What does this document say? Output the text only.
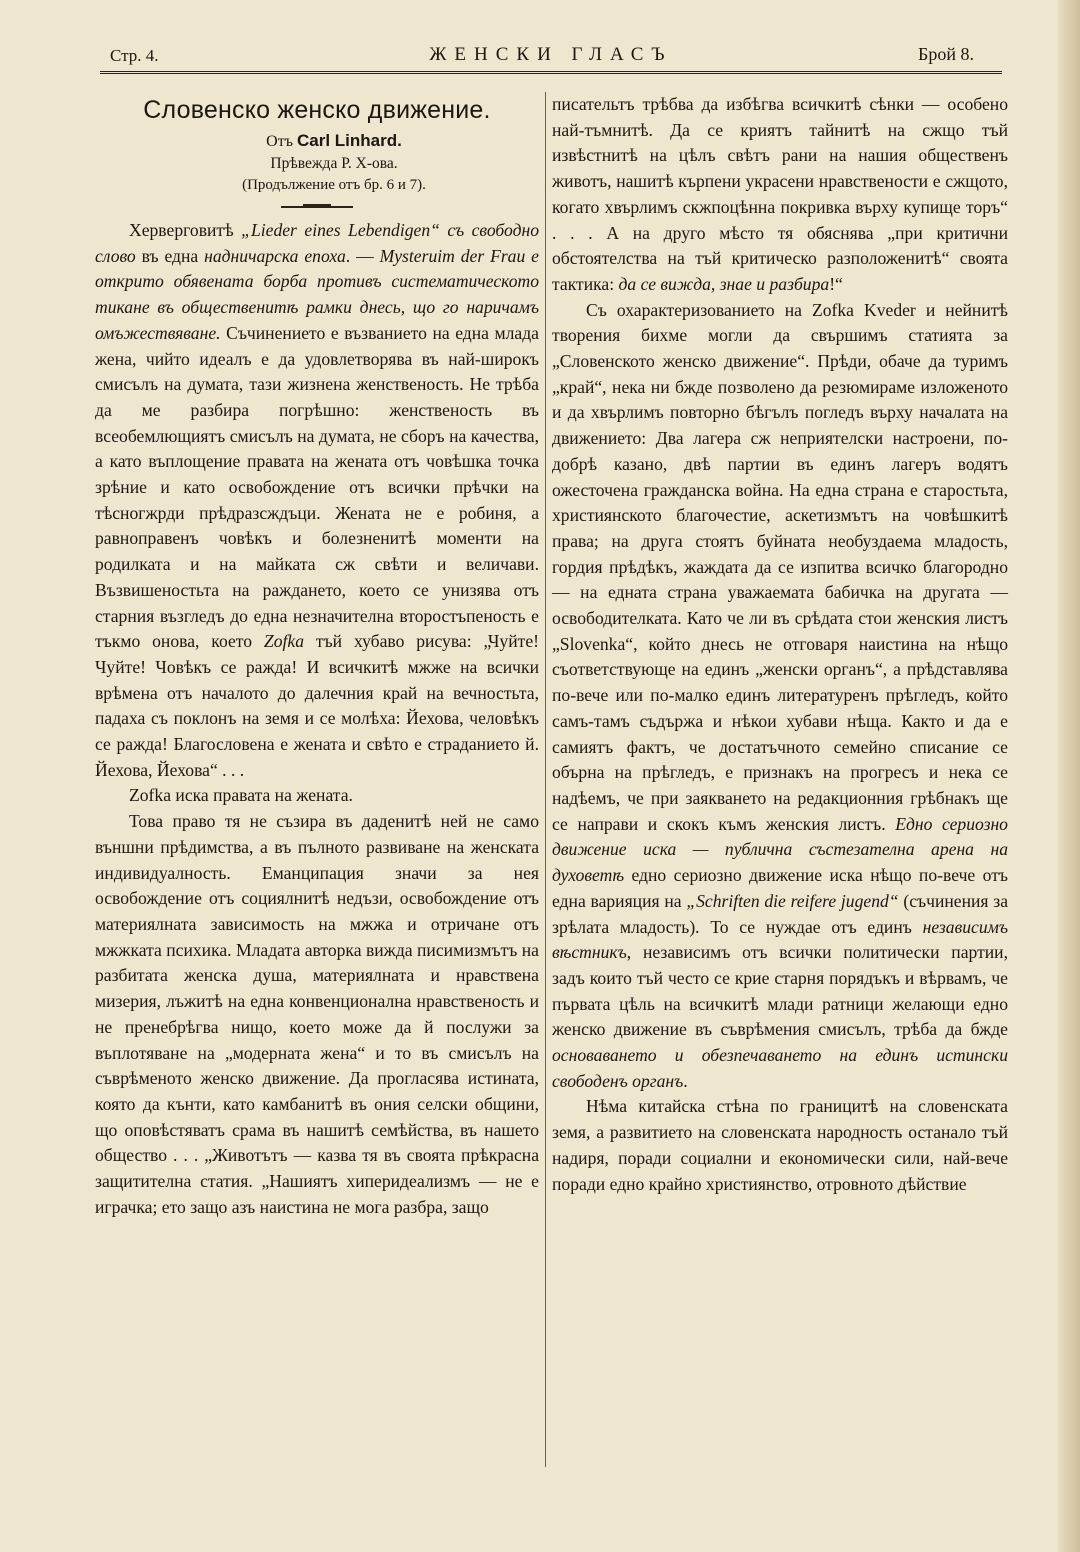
Стр. 4.	ЖЕНСКИ ГЛАСЪ	Брой 8.
Словенско женско движение.

Отъ Carl Linhard.

Прѣвежда Р. Х-ова.

(Продължение отъ бр. 6 и 7).

Херверговитѣ „Lieder eines Lebendigen“ съ свободно слово въ една надничарска епоха. — Mysteruim der Frau е открито обявената борба противъ систематическото тикане въ общественитѣ рамки днесь, що го наричамъ омъжествяване. Съчинението е възванието на една млада жена, чийто идеалъ е да удовлетворява въ най-широкъ смисълъ на думата, тази жизнена женственость. Не трѣба да ме разбира погрѣшно: женственость въ всеобемлющиятъ смисълъ на думата, не сборъ на качества, а като въплощение правата на жената отъ човѣшка точка зрѣние и като освобождение отъ всички прѣчки на тѣсногжрди прѣдразсждъци. Жената не е робиня, а равноправенъ човѣкъ и болезненитѣ моменти на родилката и на майката сж свѣти и величави. Възвишеностьта на раждането, което се унизява отъ старния възгледъ до една незначителна второстъпеность е тъкмо онова, което Zofka тъй хубаво рисува: „Чуйте! Чуйте! Човѣкъ се ражда! И всичкитѣ мжже на всички врѣмена отъ началото до далечния край на вечностьта, падаха съ поклонъ на земя и се молѣха: Йехова, человѣкъ се ражда! Благословена е жената и свѣто е страданието й. Йехова, Йехова“ . . .

Zofka иска правата на жената.

Това право тя не съзира въ даденитѣ ней не само външни прѣдимства, а въ пълното развиване на женската индивидуалность. Еманципация значи за нея освобождение отъ социялнитѣ недъзи, освобождение отъ материялната зависимость на мжжа и отричане отъ мжжката психика. Младата авторка вижда писимизмътъ на разбитата женска душа, материялната и нравствена мизерия, лъжитѣ на една конвенционална нравственость и не пренебрѣгва нищо, което може да й послужи за въплотяване на „модерната жена“ и то въ смисълъ на съврѣменото женско движение. Да прогласява истината, която да кънти, като камбанитѣ въ ония селски общини, що оповѣстяватъ срама въ нашитѣ семѣйства, въ нашето общество . . . „Животътъ — казва тя въ своята прѣкрасна защитителна статия. „Нашиятъ хиперидеализмъ — не е играчка; ето защо азъ наистина не мога разбра, защо

писательтъ трѣбва да избѣгва всичкитѣ сѣнки — особено най-тъмнитѣ. Да се криятъ тайнитѣ на сжщо тъй извѣстнитѣ на цѣлъ свѣтъ рани на нашия общественъ животъ, нашитѣ кърпени украсени нравствености е сжщото, когато хвърлимъ скжпоцѣнна покривка върху купище торъ“ . . . А на друго мѣсто тя обяснява „при критични обстоятелства на тъй критическо разположенитѣ“ своята тактика: да се вижда, знае и разбира!“

Съ охарактеризованието на Zofka Kveder и нейнитѣ творения бихме могли да свършимъ статията за „Словенското женско движение“. Прѣди, обаче да туримъ „край“, нека ни бжде позволено да резюмираме изложеното и да хвърлимъ повторно бѣгълъ погледъ върху началата на движението: Два лагера сж неприятелски настроени, по-добрѣ казано, двѣ партии въ единъ лагеръ водятъ ожесточена гражданска война. На една страна е старостьта, християнското благочестие, аскетизмътъ на човѣшкитѣ права; на друга стоятъ буйната необуздаема младость, гордия прѣдѣкъ, жаждата да се изпитва всичко благородно — на едната страна уважаемата бабичка на другата — освободителката. Като че ли въ срѣдата стои женския листъ „Slovenka“, който днесь не отговаря наистина на нѣщо съответствующе на единъ „женски органъ“, а прѣдставлява по-вече или по-малко единъ литературенъ прѣгледъ, който самъ-тамъ съдържа и нѣкои хубави нѣща. Както и да е самиятъ фактъ, че достатъчното семейно списание се обърна на прѣгледъ, е признакъ на прогресъ и нека се надѣемъ, че при заякването на редакционния грѣбнакъ ще се направи и скокъ къмъ женския листъ. Едно сериозно движение иска — публична състезателна арена на духоветѣ едно сериозно движение иска нѣщо по-вече отъ една варияция на „Schriften die reifere jugend“ (съчинения за зрѣлата младость). То се нуждае отъ единъ независимъ вѣстникъ, независимъ отъ всички политически партии, задъ които тъй често се крие старня порядъкъ и вѣрвамъ, че първата цѣль на всичкитѣ млади ратници желающи едно женско движение въ съврѣмения смисълъ, трѣба да бжде основаването и обезпечаването на единъ истински свободенъ органъ.

Нѣма китайска стѣна по границитѣ на словенската земя, а развитието на словенската народность останало тъй надиря, поради социални и економически сили, най-вече поради едно крайно християнство, отровното дѣйствие
